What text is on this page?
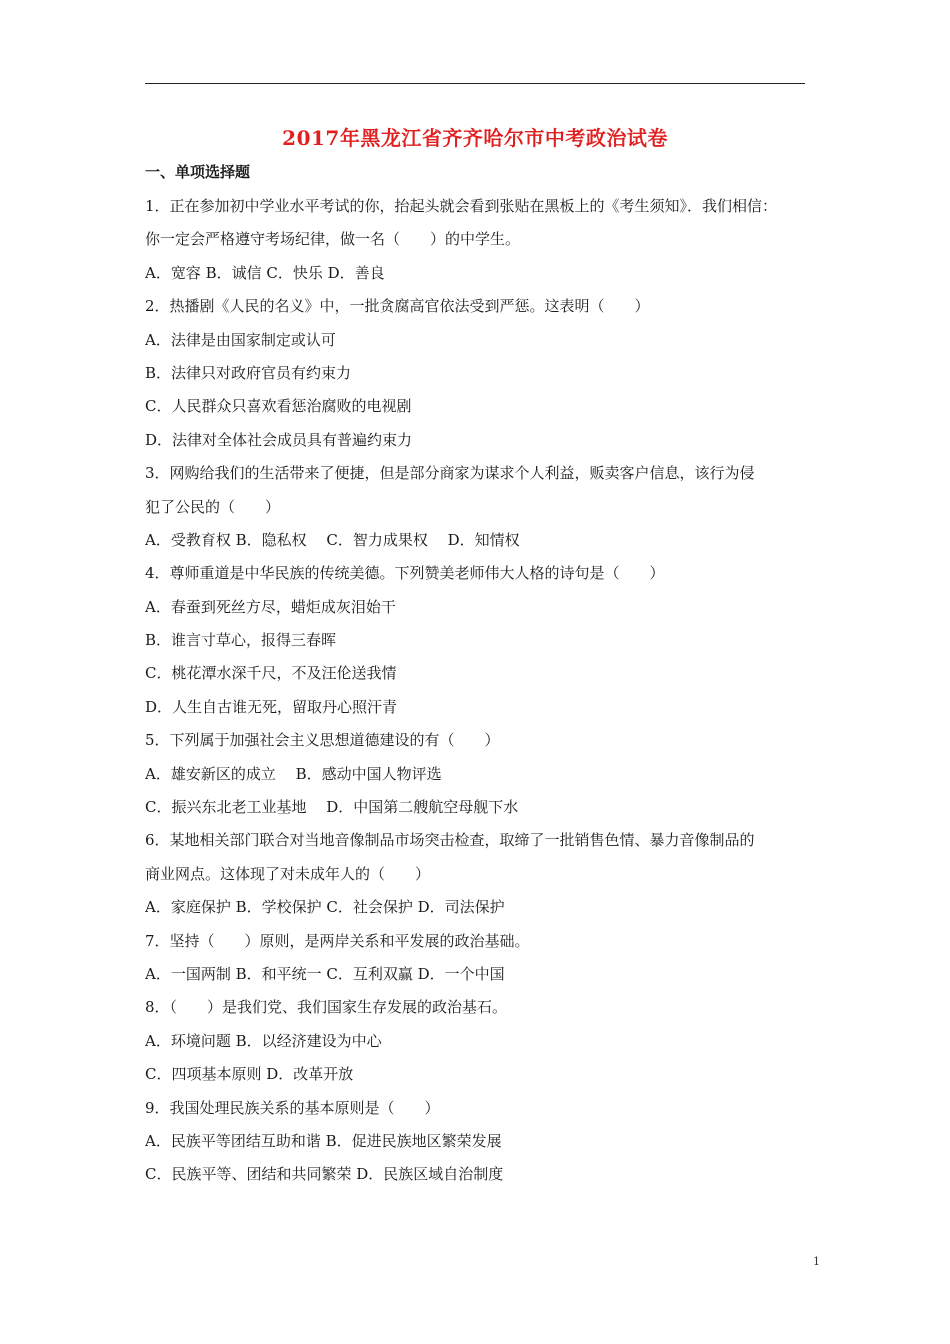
2017年黑龙江省齐齐哈尔市中考政治试卷
一、单项选择题
1．正在参加初中学业水平考试的你，抬起头就会看到张贴在黑板上的《考生须知》．我们相信：
你一定会严格遵守考场纪律，做一名（　　）的中学生。
A．宽容 B．诚信 C．快乐 D．善良
2．热播剧《人民的名义》中，一批贪腐高官依法受到严惩。这表明（　　）
A．法律是由国家制定或认可
B．法律只对政府官员有约束力
C．人民群众只喜欢看惩治腐败的电视剧
D．法律对全体社会成员具有普遍约束力
3．网购给我们的生活带来了便捷，但是部分商家为谋求个人利益，贩卖客户信息，该行为侵
犯了公民的（　　）
A．受教育权 B．隐私权　 C．智力成果权　 D．知情权
4．尊师重道是中华民族的传统美德。下列赞美老师伟大人格的诗句是（　　）
A．春蚕到死丝方尽，蜡炬成灰泪始干
B．谁言寸草心，报得三春晖
C．桃花潭水深千尺，不及汪伦送我情
D．人生自古谁无死，留取丹心照汗青
5．下列属于加强社会主义思想道德建设的有（　　）
A．雄安新区的成立　 B．感动中国人物评选
C．振兴东北老工业基地　 D．中国第二艘航空母舰下水
6．某地相关部门联合对当地音像制品市场突击检查，取缔了一批销售色情、暴力音像制品的
商业网点。这体现了对未成年人的（　　）
A．家庭保护 B．学校保护 C．社会保护 D．司法保护
7．坚持（　　）原则，是两岸关系和平发展的政治基础。
A．一国两制 B．和平统一 C．互利双赢 D．一个中国
8．（　　）是我们党、我们国家生存发展的政治基石。
A．环境问题 B．以经济建设为中心
C．四项基本原则 D．改革开放
9．我国处理民族关系的基本原则是（　　）
A．民族平等团结互助和谐 B．促进民族地区繁荣发展
C．民族平等、团结和共同繁荣 D．民族区域自治制度
1
